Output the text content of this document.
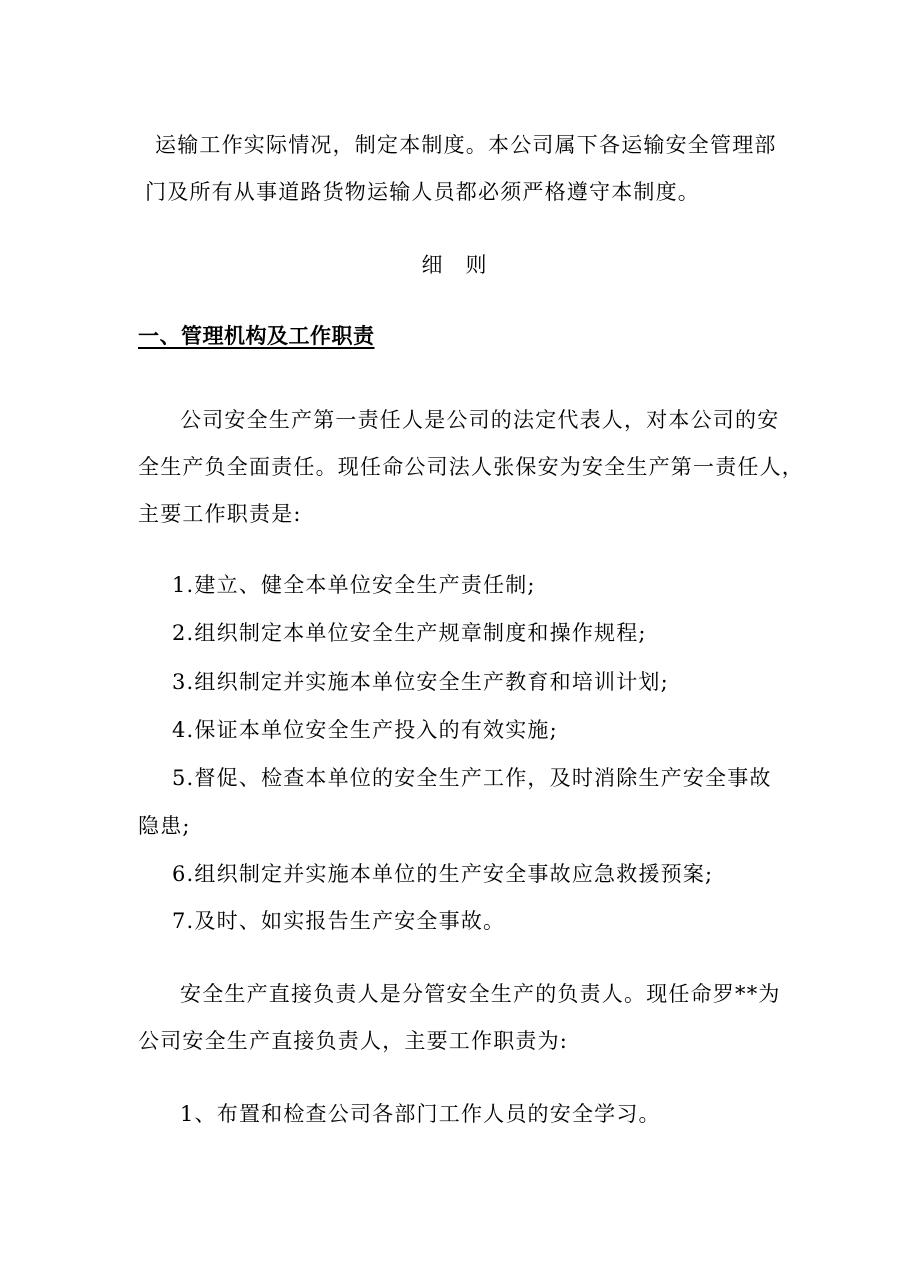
运输工作实际情况，制定本制度。本公司属下各运输安全管理部
门及所有从事道路货物运输人员都必须严格遵守本制度。
细　则
一、管理机构及工作职责
公司安全生产第一责任人是公司的法定代表人，对本公司的安
全生产负全面责任。现任命公司法人张保安为安全生产第一责任人，
主要工作职责是:
1.建立、健全本单位安全生产责任制;
2.组织制定本单位安全生产规章制度和操作规程;
3.组织制定并实施本单位安全生产教育和培训计划;
4.保证本单位安全生产投入的有效实施;
5.督促、检查本单位的安全生产工作，及时消除生产安全事故
隐患;
6.组织制定并实施本单位的生产安全事故应急救援预案;
7.及时、如实报告生产安全事故。
安全生产直接负责人是分管安全生产的负责人。现任命罗**为
公司安全生产直接负责人，主要工作职责为:
1、布置和检查公司各部门工作人员的安全学习。
